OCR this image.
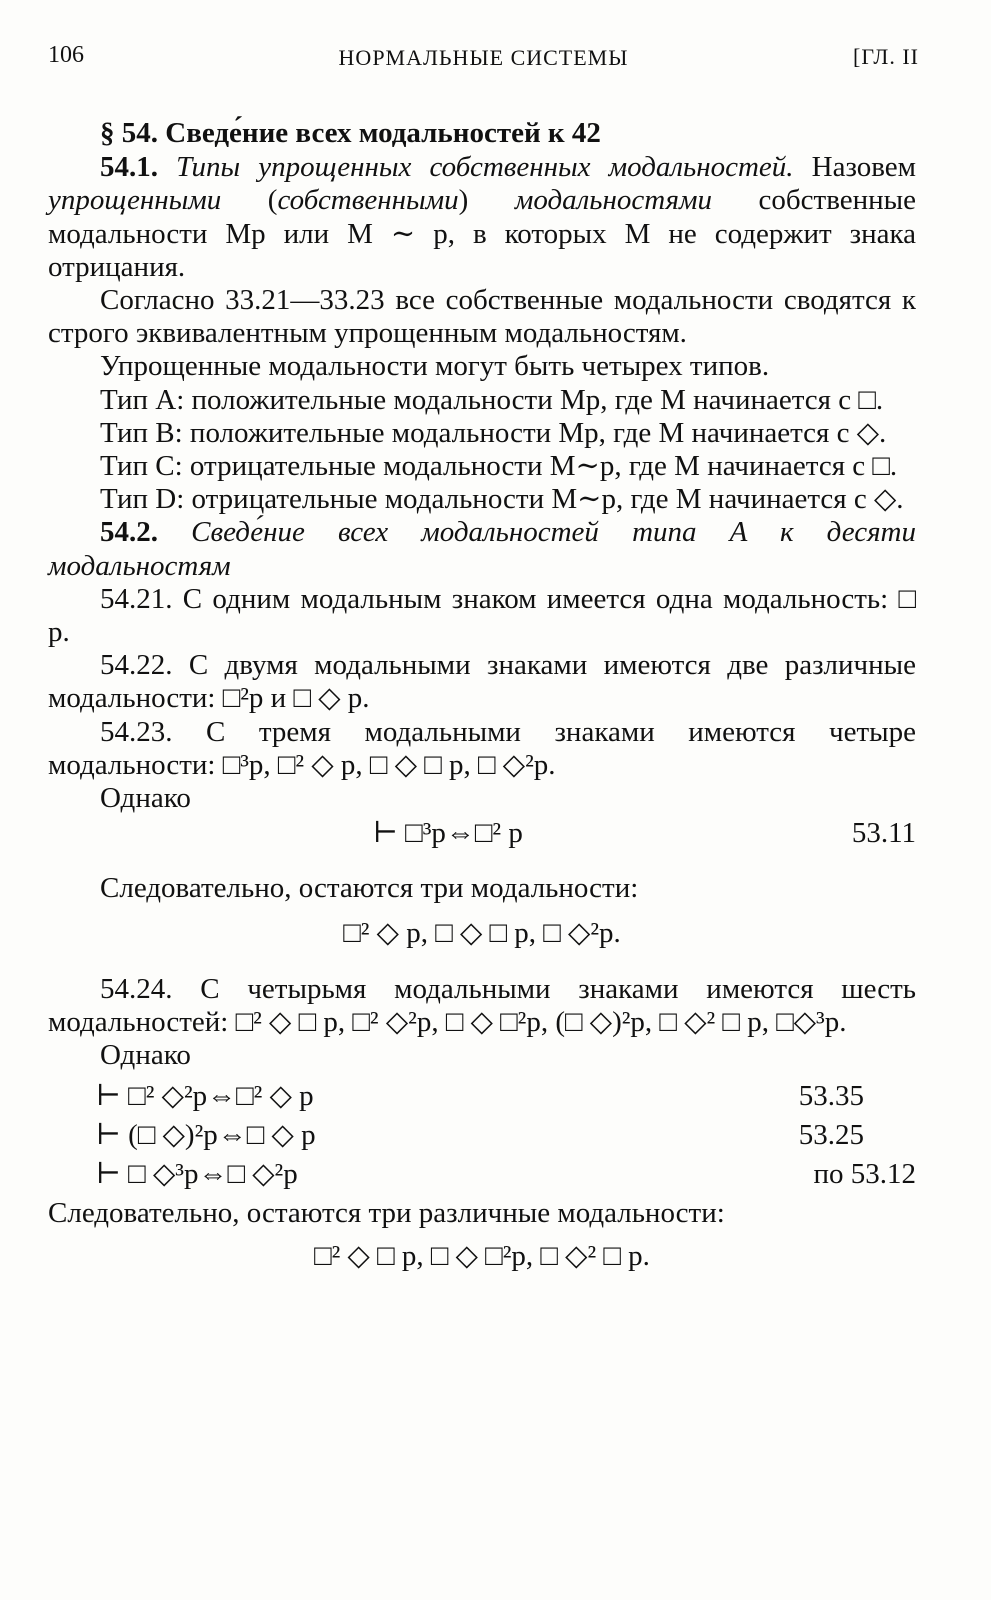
106	НОРМАЛЬНЫЕ СИСТЕМЫ	[ГЛ. II

§ 54. Сведе́ние всех модальностей к 42

54.1. Типы упрощенных собственных модальностей. Назовем упрощенными (собственными) модальностями собственные модальности Mp или M ∼ p, в которых M не содержит знака отрицания.

Согласно 33.21—33.23 все собственные модальности сводятся к строго эквивалентным упрощенным модальностям.

Упрощенные модальности могут быть четырех типов.

Тип A: положительные модальности Mp, где M начинается с □.

Тип B: положительные модальности Mp, где M начинается с ◇.

Тип C: отрицательные модальности M∼p, где M начинается с □.

Тип D: отрицательные модальности M∼p, где M начинается с ◇.

54.2. Сведе́ние всех модальностей типа A к десяти модальностям

54.21. С одним модальным знаком имеется одна модальность: □ p.

54.22. С двумя модальными знаками имеются две различные модальности: □²p и □ ◇ p.

54.23. С тремя модальными знаками имеются четыре модальности: □³p, □² ◇ p, □ ◇ □ p, □ ◇²p.

Однако

⊢ □³p⇔□² p	53.11

Следовательно, остаются три модальности:

□² ◇ p, □ ◇ □ p, □ ◇²p.

54.24. С четырьмя модальными знаками имеются шесть модальностей: □² ◇ □ p, □² ◇²p, □ ◇ □²p, (□ ◇)²p, □ ◇² □ p, □◇³p.

Однако

⊢ □² ◇²p⇔□² ◇ p	53.35
⊢ (□ ◇)²p⇔□ ◇ p	53.25
⊢ □ ◇³p⇔□ ◇²p	по 53.12

Следовательно, остаются три различные модальности:

□² ◇ □ p, □ ◇ □²p, □ ◇² □ p.
